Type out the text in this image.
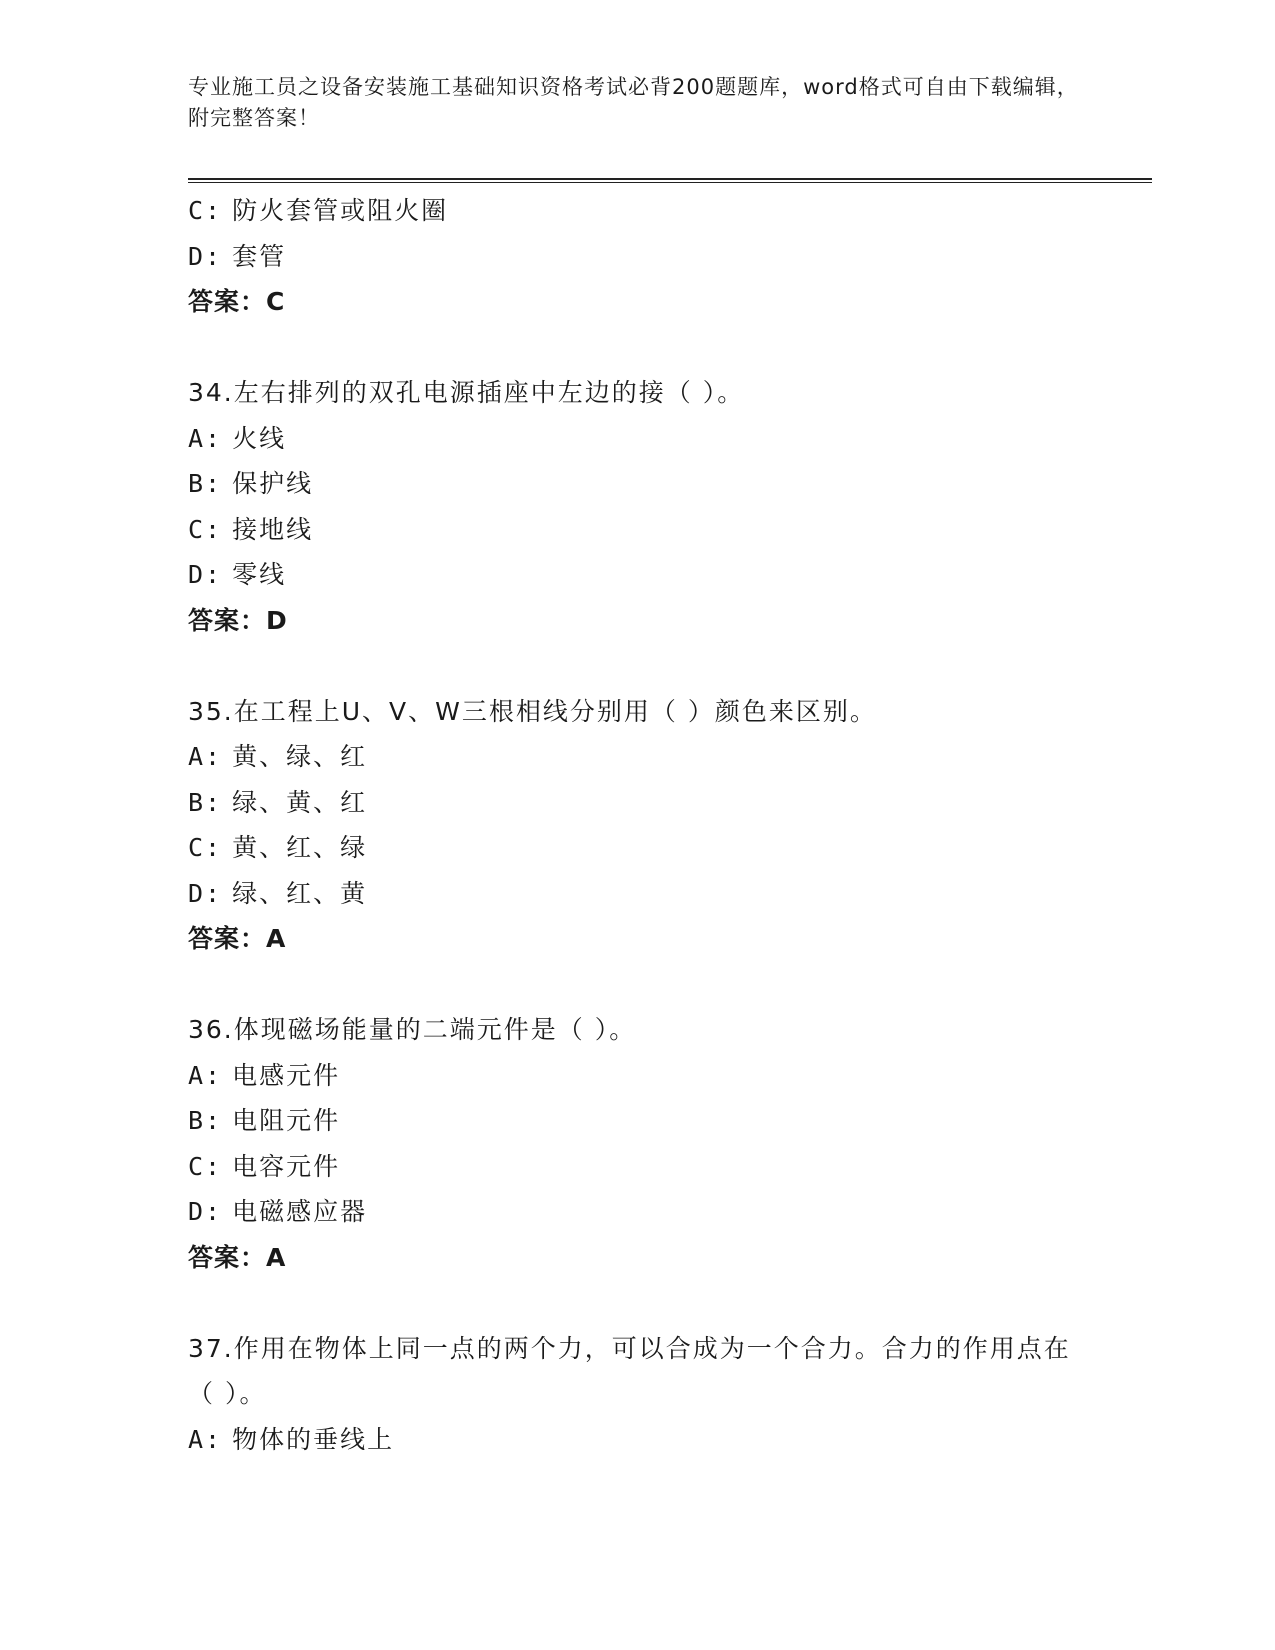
专业施工员之设备安装施工基础知识资格考试必背200题题库，word格式可自由下载编辑，附完整答案！

C: 防火套管或阻火圈
D: 套管
答案：C
34.左右排列的双孔电源插座中左边的接（ ）。
A: 火线
B: 保护线
C: 接地线
D: 零线
答案：D
35.在工程上U、V、W三根相线分别用（ ）颜色来区别。
A: 黄、绿、红
B: 绿、黄、红
C: 黄、红、绿
D: 绿、红、黄
答案：A
36.体现磁场能量的二端元件是（ ）。
A: 电感元件
B: 电阻元件
C: 电容元件
D: 电磁感应器
答案：A
37.作用在物体上同一点的两个力，可以合成为一个合力。合力的作用点在（ ）。
A: 物体的垂线上
